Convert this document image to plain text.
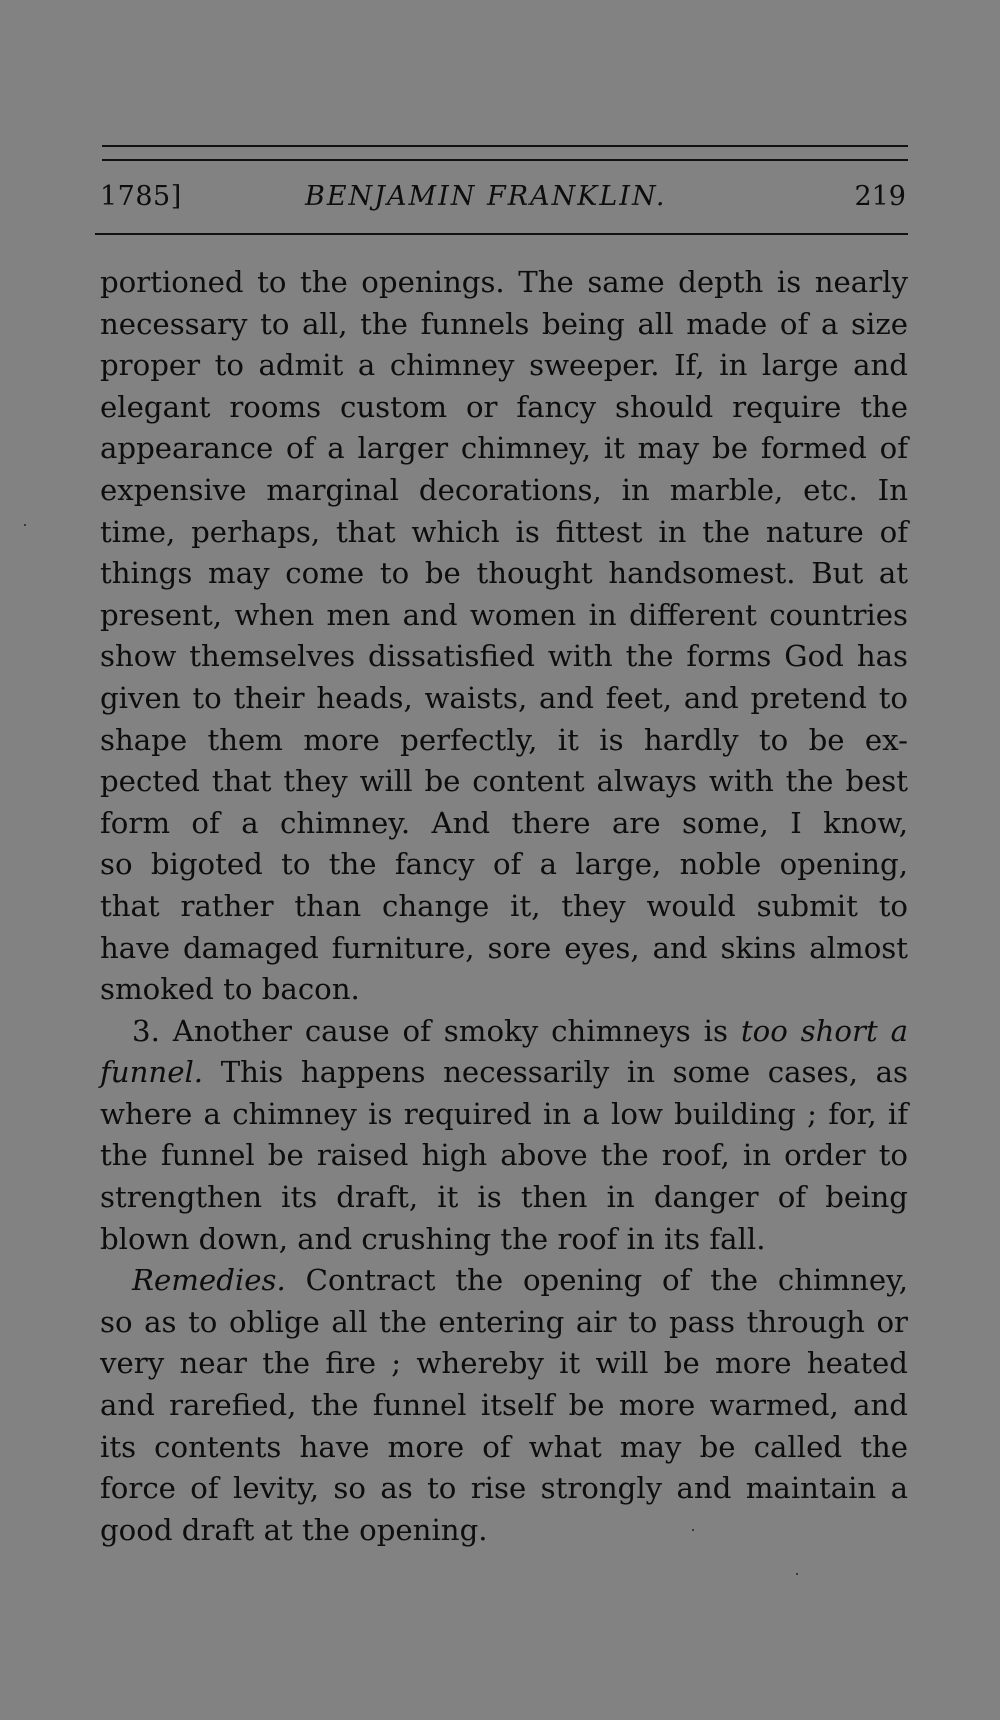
1785]	BENJAMIN FRANKLIN.	219
portioned to the openings. The same depth is nearly
necessary to all, the funnels being all made of a size
proper to admit a chimney sweeper. If, in large and
elegant rooms custom or fancy should require the
appearance of a larger chimney, it may be formed of
expensive marginal decorations, in marble, etc. In
time, perhaps, that which is fittest in the nature of
things may come to be thought handsomest. But at
present, when men and women in different countries
show themselves dissatisfied with the forms God has
given to their heads, waists, and feet, and pretend to
shape them more perfectly, it is hardly to be ex-
pected that they will be content always with the best
form of a chimney. And there are some, I know,
so bigoted to the fancy of a large, noble opening,
that rather than change it, they would submit to
have damaged furniture, sore eyes, and skins almost
smoked to bacon.
3. Another cause of smoky chimneys is too short a
funnel. This happens necessarily in some cases, as
where a chimney is required in a low building ; for, if
the funnel be raised high above the roof, in order to
strengthen its draft, it is then in danger of being
blown down, and crushing the roof in its fall.
Remedies. Contract the opening of the chimney,
so as to oblige all the entering air to pass through or
very near the fire ; whereby it will be more heated
and rarefied, the funnel itself be more warmed, and
its contents have more of what may be called the
force of levity, so as to rise strongly and maintain a
good draft at the opening.
